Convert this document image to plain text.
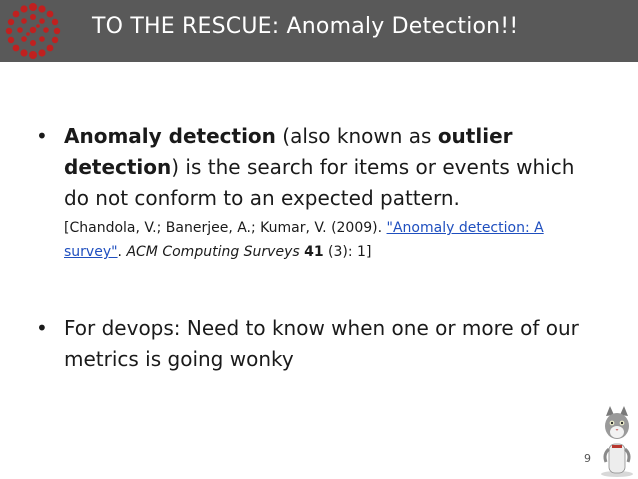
TO THE RESCUE: Anomaly Detection!!
• Anomaly detection (also known as outlier detection) is the search for items or events which do not conform to an expected pattern.
[Chandola, V.; Banerjee, A.; Kumar, V. (2009). "Anomaly detection: A survey". ACM Computing Surveys 41 (3): 1]
• For devops: Need to know when one or more of our metrics is going wonky
9
